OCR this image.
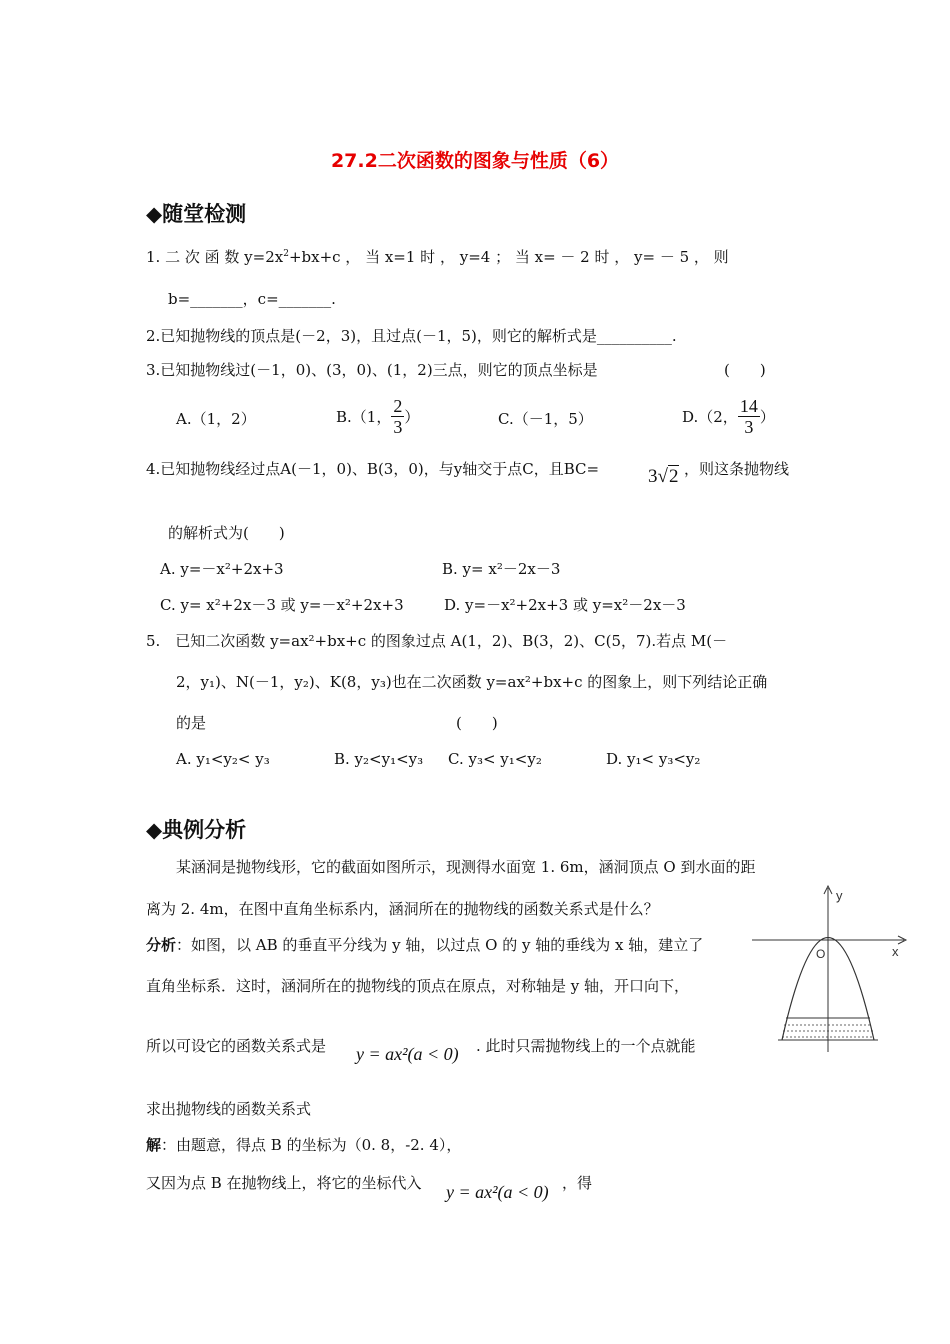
27.2二次函数的图象与性质（6）
◆随堂检测
1. 二 次 函 数 $y=2x^2+bx+c$ ， 当 x=1 时 ， y=4 ； 当 x= － 2 时 ， y= － 5 ， 则
b=_______，c=_______.
2.已知抛物线的顶点是(－2，3)，且过点(－1，5)，则它的解析式是__________.
3.已知抛物线过(－1，0)、(3，0)、(1，2)三点，则它的顶点坐标是	(　　)
A.（1，2）	B.（1， $\frac{2}{3}$ ）	C.（－1，5）	D.（2， $\frac{14}{3}$ ）
4.已知抛物线经过点A(－1，0)、B(3，0)，与y轴交于点C，且BC=	3√2 ，则这条抛物线
的解析式为(　　)
A. y=－x²+2x+3	B. y= x²－2x－3
C. y= x²+2x－3 或 y=－x²+2x+3	D. y=－x²+2x+3 或 y=x²－2x－3
5.　已知二次函数 y=ax²+bx+c 的图象过点 A(1，2)、B(3，2)、C(5，7).若点 M(－
2，y₁)、N(－1，y₂)、K(8，y₃)也在二次函数 y=ax²+bx+c 的图象上，则下列结论正确
的是	(　　)
A. y₁<y₂< y₃	B. y₂<y₁<y₃ C. y₃< y₁<y₂	D. y₁< y₃<y₂
◆典例分析
某涵洞是抛物线形，它的截面如图所示，现测得水面宽 1. 6m，涵洞顶点 O 到水面的距
离为 2. 4m，在图中直角坐标系内，涵洞所在的抛物线的函数关系式是什么？
分析：如图，以 AB 的垂直平分线为 y 轴，以过点 O 的 y 轴的垂线为 x 轴，建立了
直角坐标系．这时，涵洞所在的抛物线的顶点在原点，对称轴是 y 轴，开口向下，
所以可设它的函数关系式是 y = ax²(a < 0) . 此时只需抛物线上的一个点就能
求出抛物线的函数关系式
解：由题意，得点 B 的坐标为（0. 8，-2. 4），
又因为点 B 在抛物线上，将它的坐标代入 y = ax²(a < 0) ，得
y
x
O
